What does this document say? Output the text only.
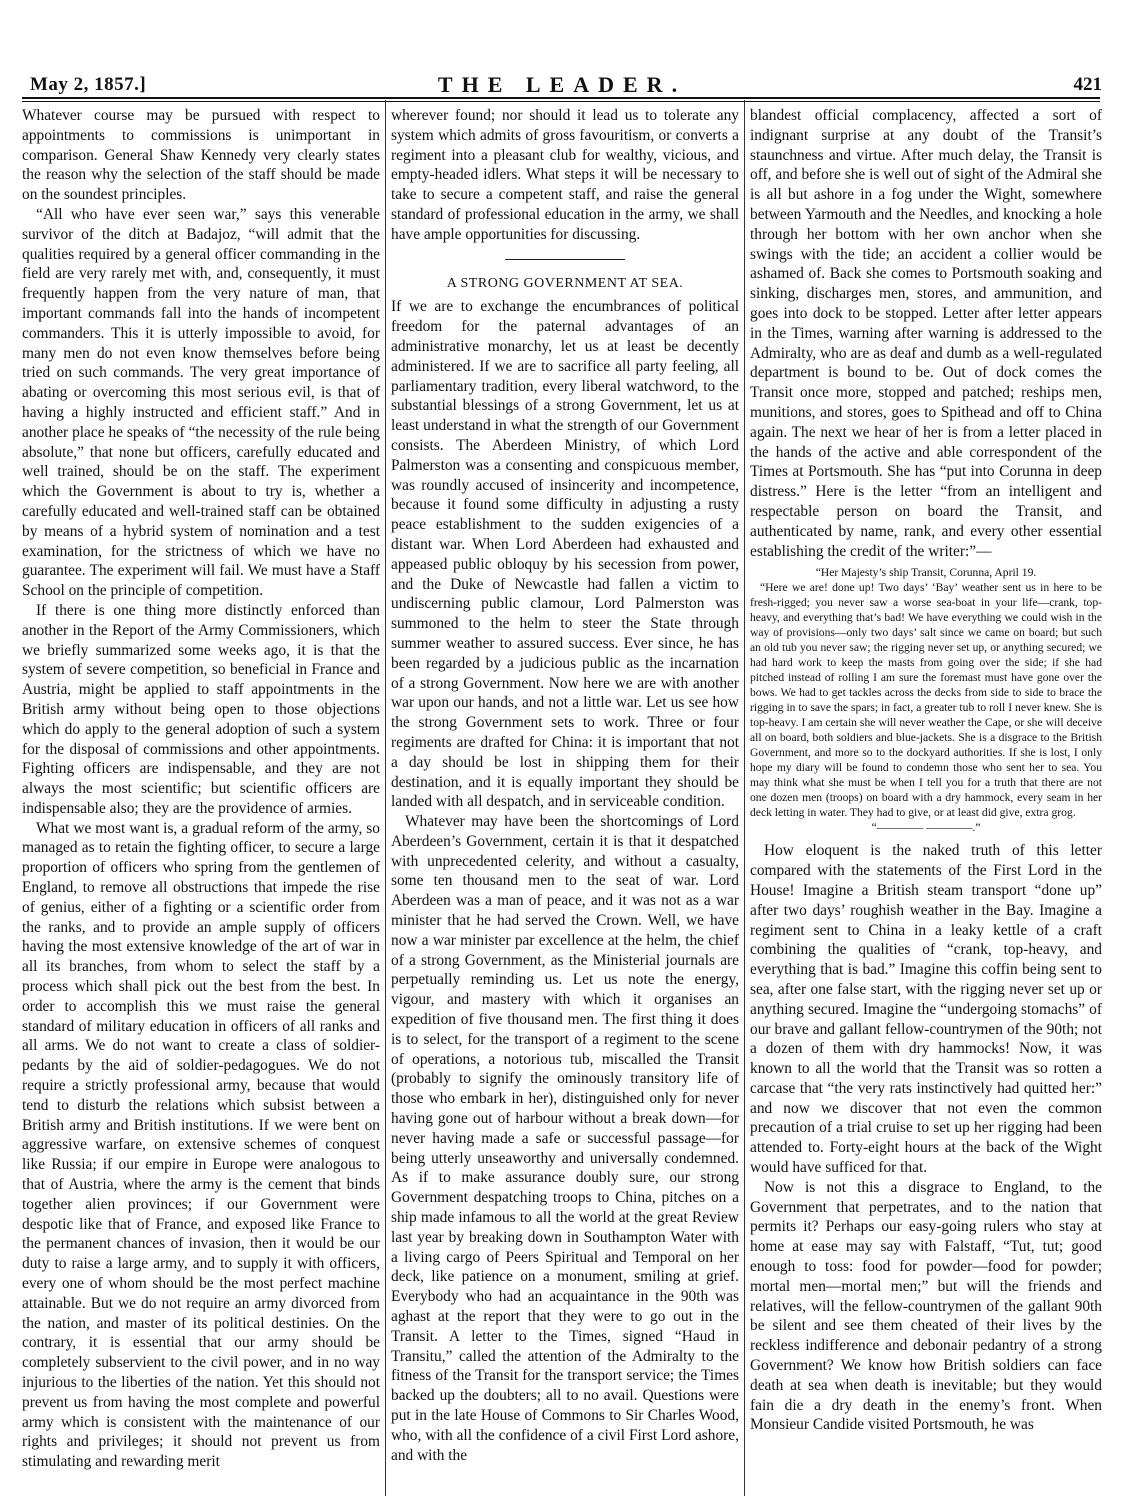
May 2, 1857.]	THE LEADER.	421

Whatever course may be pursued with respect to appointments to commissions is unimportant in comparison. General Shaw Kennedy very clearly states the reason why the selection of the staff should be made on the soundest principles.

“All who have ever seen war,” says this venerable survivor of the ditch at Badajoz, “will admit that the qualities required by a general officer commanding in the field are very rarely met with, and, consequently, it must frequently happen from the very nature of man, that important commands fall into the hands of incompetent commanders. This it is utterly impossible to avoid, for many men do not even know themselves before being tried on such commands. The very great importance of abating or overcoming this most serious evil, is that of having a highly instructed and efficient staff.” And in another place he speaks of “the necessity of the rule being absolute,” that none but officers, carefully educated and well trained, should be on the staff. The experiment which the Government is about to try is, whether a carefully educated and well-trained staff can be obtained by means of a hybrid system of nomination and a test examination, for the strictness of which we have no guarantee. The experiment will fail. We must have a Staff School on the principle of competition.

If there is one thing more distinctly enforced than another in the Report of the Army Commissioners, which we briefly summarized some weeks ago, it is that the system of severe competition, so beneficial in France and Austria, might be applied to staff appointments in the British army without being open to those objections which do apply to the general adoption of such a system for the disposal of commissions and other appointments. Fighting officers are indispensable, and they are not always the most scientific; but scientific officers are indispensable also; they are the providence of armies.

What we most want is, a gradual reform of the army, so managed as to retain the fighting officer, to secure a large proportion of officers who spring from the gentlemen of England, to remove all obstructions that impede the rise of genius, either of a fighting or a scientific order from the ranks, and to provide an ample supply of officers having the most extensive knowledge of the art of war in all its branches, from whom to select the staff by a process which shall pick out the best from the best. In order to accomplish this we must raise the general standard of military education in officers of all ranks and all arms. We do not want to create a class of soldier-pedants by the aid of soldier-pedagogues. We do not require a strictly professional army, because that would tend to disturb the relations which subsist between a British army and British institutions. If we were bent on aggressive warfare, on extensive schemes of conquest like Russia; if our empire in Europe were analogous to that of Austria, where the army is the cement that binds together alien provinces; if our Government were despotic like that of France, and exposed like France to the permanent chances of invasion, then it would be our duty to raise a large army, and to supply it with officers, every one of whom should be the most perfect machine attainable. But we do not require an army divorced from the nation, and master of its political destinies. On the contrary, it is essential that our army should be completely subservient to the civil power, and in no way injurious to the liberties of the nation. Yet this should not prevent us from having the most complete and powerful army which is consistent with the maintenance of our rights and privileges; it should not prevent us from stimulating and rewarding merit

wherever found; nor should it lead us to tolerate any system which admits of gross favouritism, or converts a regiment into a pleasant club for wealthy, vicious, and empty-headed idlers. What steps it will be necessary to take to secure a competent staff, and raise the general standard of professional education in the army, we shall have ample opportunities for discussing.

A STRONG GOVERNMENT AT SEA.

If we are to exchange the encumbrances of political freedom for the paternal advantages of an administrative monarchy, let us at least be decently administered. If we are to sacrifice all party feeling, all parliamentary tradition, every liberal watchword, to the substantial blessings of a strong Government, let us at least understand in what the strength of our Government consists. The Aberdeen Ministry, of which Lord Palmerston was a consenting and conspicuous member, was roundly accused of insincerity and incompetence, because it found some difficulty in adjusting a rusty peace establishment to the sudden exigencies of a distant war. When Lord Aberdeen had exhausted and appeased public obloquy by his secession from power, and the Duke of Newcastle had fallen a victim to undiscerning public clamour, Lord Palmerston was summoned to the helm to steer the State through summer weather to assured success. Ever since, he has been regarded by a judicious public as the incarnation of a strong Government. Now here we are with another war upon our hands, and not a little war. Let us see how the strong Government sets to work. Three or four regiments are drafted for China: it is important that not a day should be lost in shipping them for their destination, and it is equally important they should be landed with all despatch, and in serviceable condition.

Whatever may have been the shortcomings of Lord Aberdeen’s Government, certain it is that it despatched with unprecedented celerity, and without a casualty, some ten thousand men to the seat of war. Lord Aberdeen was a man of peace, and it was not as a war minister that he had served the Crown. Well, we have now a war minister par excellence at the helm, the chief of a strong Government, as the Ministerial journals are perpetually reminding us. Let us note the energy, vigour, and mastery with which it organises an expedition of five thousand men. The first thing it does is to select, for the transport of a regiment to the scene of operations, a notorious tub, miscalled the Transit (probably to signify the ominously transitory life of those who embark in her), distinguished only for never having gone out of harbour without a break down—for never having made a safe or successful passage—for being utterly unseaworthy and universally condemned. As if to make assurance doubly sure, our strong Government despatching troops to China, pitches on a ship made infamous to all the world at the great Review last year by breaking down in Southampton Water with a living cargo of Peers Spiritual and Temporal on her deck, like patience on a monument, smiling at grief. Everybody who had an acquaintance in the 90th was aghast at the report that they were to go out in the Transit. A letter to the Times, signed “Haud in Transitu,” called the attention of the Admiralty to the fitness of the Transit for the transport service; the Times backed up the doubters; all to no avail. Questions were put in the late House of Commons to Sir Charles Wood, who, with all the confidence of a civil First Lord ashore, and with the

blandest official complacency, affected a sort of indignant surprise at any doubt of the Transit’s staunchness and virtue. After much delay, the Transit is off, and before she is well out of sight of the Admiral she is all but ashore in a fog under the Wight, somewhere between Yarmouth and the Needles, and knocking a hole through her bottom with her own anchor when she swings with the tide; an accident a collier would be ashamed of. Back she comes to Portsmouth soaking and sinking, discharges men, stores, and ammunition, and goes into dock to be stopped. Letter after letter appears in the Times, warning after warning is addressed to the Admiralty, who are as deaf and dumb as a well-regulated department is bound to be. Out of dock comes the Transit once more, stopped and patched; reships men, munitions, and stores, goes to Spithead and off to China again. The next we hear of her is from a letter placed in the hands of the active and able correspondent of the Times at Portsmouth. She has “put into Corunna in deep distress.” Here is the letter “from an intelligent and respectable person on board the Transit, and authenticated by name, rank, and every other essential establishing the credit of the writer:”—

“Her Majesty’s ship Transit, Corunna, April 19.

“Here we are! done up! Two days’ ‘Bay’ weather sent us in here to be fresh-rigged; you never saw a worse sea-boat in your life—crank, top-heavy, and everything that’s bad! We have everything we could wish in the way of provisions—only two days’ salt since we came on board; but such an old tub you never saw; the rigging never set up, or anything secured; we had hard work to keep the masts from going over the side; if she had pitched instead of rolling I am sure the foremast must have gone over the bows. We had to get tackles across the decks from side to side to brace the rigging in to save the spars; in fact, a greater tub to roll I never knew. She is top-heavy. I am certain she will never weather the Cape, or she will deceive all on board, both soldiers and blue-jackets. She is a disgrace to the British Government, and more so to the dockyard authorities. If she is lost, I only hope my diary will be found to condemn those who sent her to sea. You may think what she must be when I tell you for a truth that there are not one dozen men (troops) on board with a dry hammock, every seam in her deck letting in water. They had to give, or at least did give, extra grog.

“———— ————.”

How eloquent is the naked truth of this letter compared with the statements of the First Lord in the House! Imagine a British steam transport “done up” after two days’ roughish weather in the Bay. Imagine a regiment sent to China in a leaky kettle of a craft combining the qualities of “crank, top-heavy, and everything that is bad.” Imagine this coffin being sent to sea, after one false start, with the rigging never set up or anything secured. Imagine the “undergoing stomachs” of our brave and gallant fellow-countrymen of the 90th; not a dozen of them with dry hammocks! Now, it was known to all the world that the Transit was so rotten a carcase that “the very rats instinctively had quitted her:” and now we discover that not even the common precaution of a trial cruise to set up her rigging had been attended to. Forty-eight hours at the back of the Wight would have sufficed for that.

Now is not this a disgrace to England, to the Government that perpetrates, and to the nation that permits it? Perhaps our easy-going rulers who stay at home at ease may say with Falstaff, “Tut, tut; good enough to toss: food for powder—food for powder; mortal men—mortal men;” but will the friends and relatives, will the fellow-countrymen of the gallant 90th be silent and see them cheated of their lives by the reckless indifference and debonair pedantry of a strong Government? We know how British soldiers can face death at sea when death is inevitable; but they would fain die a dry death in the enemy’s front. When Monsieur Candide visited Portsmouth, he was
